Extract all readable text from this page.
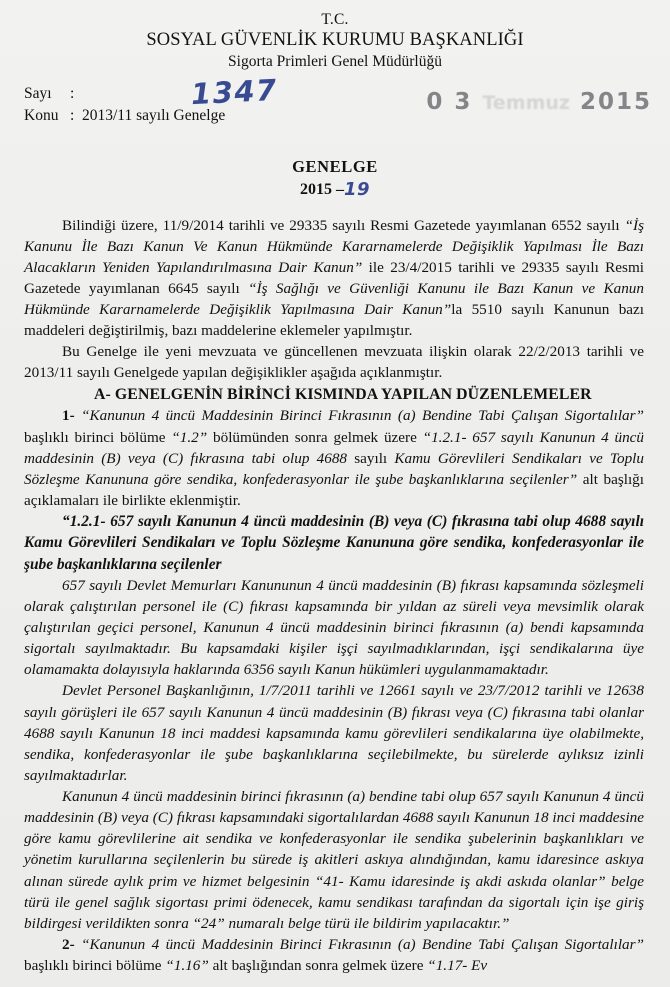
T.C.
SOSYAL GÜVENLİK KURUMU BAŞKANLIĞI
Sigorta Primleri Genel Müdürlüğü
Sayı :
Konu : 2013/11 sayılı Genelge
1347	0 3 Temmuz 2015
GENELGE
2015 –19

Bilindiği üzere, 11/9/2014 tarihli ve 29335 sayılı Resmi Gazetede yayımlanan 6552 sayılı “İş Kanunu İle Bazı Kanun Ve Kanun Hükmünde Kararnamelerde Değişiklik Yapılması İle Bazı Alacakların Yeniden Yapılandırılmasına Dair Kanun” ile 23/4/2015 tarihli ve 29335 sayılı Resmi Gazetede yayımlanan 6645 sayılı “İş Sağlığı ve Güvenliği Kanunu ile Bazı Kanun ve Kanun Hükmünde Kararnamelerde Değişiklik Yapılmasına Dair Kanun”la 5510 sayılı Kanunun bazı maddeleri değiştirilmiş, bazı maddelerine eklemeler yapılmıştır.

Bu Genelge ile yeni mevzuata ve güncellenen mevzuata ilişkin olarak 22/2/2013 tarihli ve 2013/11 sayılı Genelgede yapılan değişiklikler aşağıda açıklanmıştır.

A- GENELGENİN BİRİNCİ KISMINDA YAPILAN DÜZENLEMELER

1- “Kanunun 4 üncü Maddesinin Birinci Fıkrasının (a) Bendine Tabi Çalışan Sigortalılar” başlıklı birinci bölüme “1.2” bölümünden sonra gelmek üzere “1.2.1- 657 sayılı Kanunun 4 üncü maddesinin (B) veya (C) fıkrasına tabi olup 4688 sayılı Kamu Görevlileri Sendikaları ve Toplu Sözleşme Kanununa göre sendika, konfederasyonlar ile şube başkanlıklarına seçilenler” alt başlığı açıklamaları ile birlikte eklenmiştir.

“1.2.1- 657 sayılı Kanunun 4 üncü maddesinin (B) veya (C) fıkrasına tabi olup 4688 sayılı Kamu Görevlileri Sendikaları ve Toplu Sözleşme Kanununa göre sendika, konfederasyonlar ile şube başkanlıklarına seçilenler

657 sayılı Devlet Memurları Kanununun 4 üncü maddesinin (B) fıkrası kapsamında sözleşmeli olarak çalıştırılan personel ile (C) fıkrası kapsamında bir yıldan az süreli veya mevsimlik olarak çalıştırılan geçici personel, Kanunun 4 üncü maddesinin birinci fıkrasının (a) bendi kapsamında sigortalı sayılmaktadır. Bu kapsamdaki kişiler işçi sayılmadıklarından, işçi sendikalarına üye olamamakta dolayısıyla haklarında 6356 sayılı Kanun hükümleri uygulanmamaktadır.

Devlet Personel Başkanlığının, 1/7/2011 tarihli ve 12661 sayılı ve 23/7/2012 tarihli ve 12638 sayılı görüşleri ile 657 sayılı Kanunun 4 üncü maddesinin (B) fıkrası veya (C) fıkrasına tabi olanlar 4688 sayılı Kanunun 18 inci maddesi kapsamında kamu görevlileri sendikalarına üye olabilmekte, sendika, konfederasyonlar ile şube başkanlıklarına seçilebilmekte, bu sürelerde aylıksız izinli sayılmaktadırlar.

Kanunun 4 üncü maddesinin birinci fıkrasının (a) bendine tabi olup 657 sayılı Kanunun 4 üncü maddesinin (B) veya (C) fıkrası kapsamındaki sigortalılardan 4688 sayılı Kanunun 18 inci maddesine göre kamu görevlilerine ait sendika ve konfederasyonlar ile sendika şubelerinin başkanlıkları ve yönetim kurullarına seçilenlerin bu sürede iş akitleri askıya alındığından, kamu idaresince askıya alınan sürede aylık prim ve hizmet belgesinin “41- Kamu idaresinde iş akdi askıda olanlar” belge türü ile genel sağlık sigortası primi ödenecek, kamu sendikası tarafından da sigortalı için işe giriş bildirgesi verildikten sonra “24” numaralı belge türü ile bildirim yapılacaktır.”

2- “Kanunun 4 üncü Maddesinin Birinci Fıkrasının (a) Bendine Tabi Çalışan Sigortalılar” başlıklı birinci bölüme “1.16” alt başlığından sonra gelmek üzere “1.17- Ev
